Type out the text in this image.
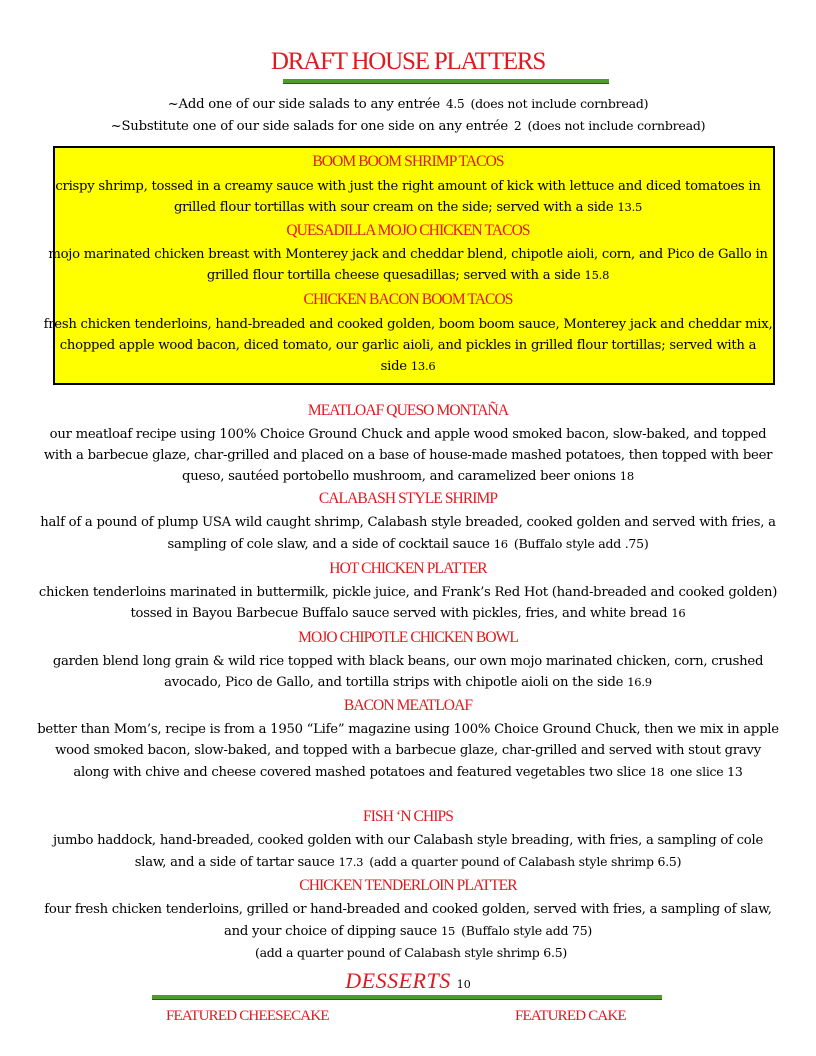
DRAFT HOUSE PLATTERS
~Add one of our side salads to any entrée 4.5 (does not include cornbread)
~Substitute one of our side salads for one side on any entrée 2 (does not include cornbread)
BOOM BOOM SHRIMP TACOS
crispy shrimp, tossed in a creamy sauce with just the right amount of kick with lettuce and diced tomatoes in grilled flour tortillas with sour cream on the side; served with a side 13.5
QUESADILLA MOJO CHICKEN TACOS
mojo marinated chicken breast with Monterey jack and cheddar blend, chipotle aioli, corn, and Pico de Gallo in grilled flour tortilla cheese quesadillas; served with a side 15.8
CHICKEN BACON BOOM TACOS
fresh chicken tenderloins, hand-breaded and cooked golden, boom boom sauce, Monterey jack and cheddar mix, chopped apple wood bacon, diced tomato, our garlic aioli, and pickles in grilled flour tortillas; served with a side 13.6
MEATLOAF QUESO MONTAÑA
our meatloaf recipe using 100% Choice Ground Chuck and apple wood smoked bacon, slow-baked, and topped with a barbecue glaze, char-grilled and placed on a base of house-made mashed potatoes, then topped with beer queso, sautéed portobello mushroom, and caramelized beer onions 18
CALABASH STYLE SHRIMP
half of a pound of plump USA wild caught shrimp, Calabash style breaded, cooked golden and served with fries, a sampling of cole slaw, and a side of cocktail sauce 16 (Buffalo style add .75)
HOT CHICKEN PLATTER
chicken tenderloins marinated in buttermilk, pickle juice, and Frank’s Red Hot (hand-breaded and cooked golden) tossed in Bayou Barbecue Buffalo sauce served with pickles, fries, and white bread 16
MOJO CHIPOTLE CHICKEN BOWL
garden blend long grain & wild rice topped with black beans, our own mojo marinated chicken, corn, crushed avocado, Pico de Gallo, and tortilla strips with chipotle aioli on the side 16.9
BACON MEATLOAF
better than Mom’s, recipe is from a 1950 “Life” magazine using 100% Choice Ground Chuck, then we mix in apple wood smoked bacon, slow-baked, and topped with a barbecue glaze, char-grilled and served with stout gravy along with chive and cheese covered mashed potatoes and featured vegetables two slice 18 one slice 13
FISH ‘N CHIPS
jumbo haddock, hand-breaded, cooked golden with our Calabash style breading, with fries, a sampling of cole slaw, and a side of tartar sauce 17.3 (add a quarter pound of Calabash style shrimp 6.5)
CHICKEN TENDERLOIN PLATTER
four fresh chicken tenderloins, grilled or hand-breaded and cooked golden, served with fries, a sampling of slaw, and your choice of dipping sauce 15 (Buffalo style add 75)
(add a quarter pound of Calabash style shrimp 6.5)
DESSERTS 10
FEATURED CHEESECAKE	FEATURED CAKE
